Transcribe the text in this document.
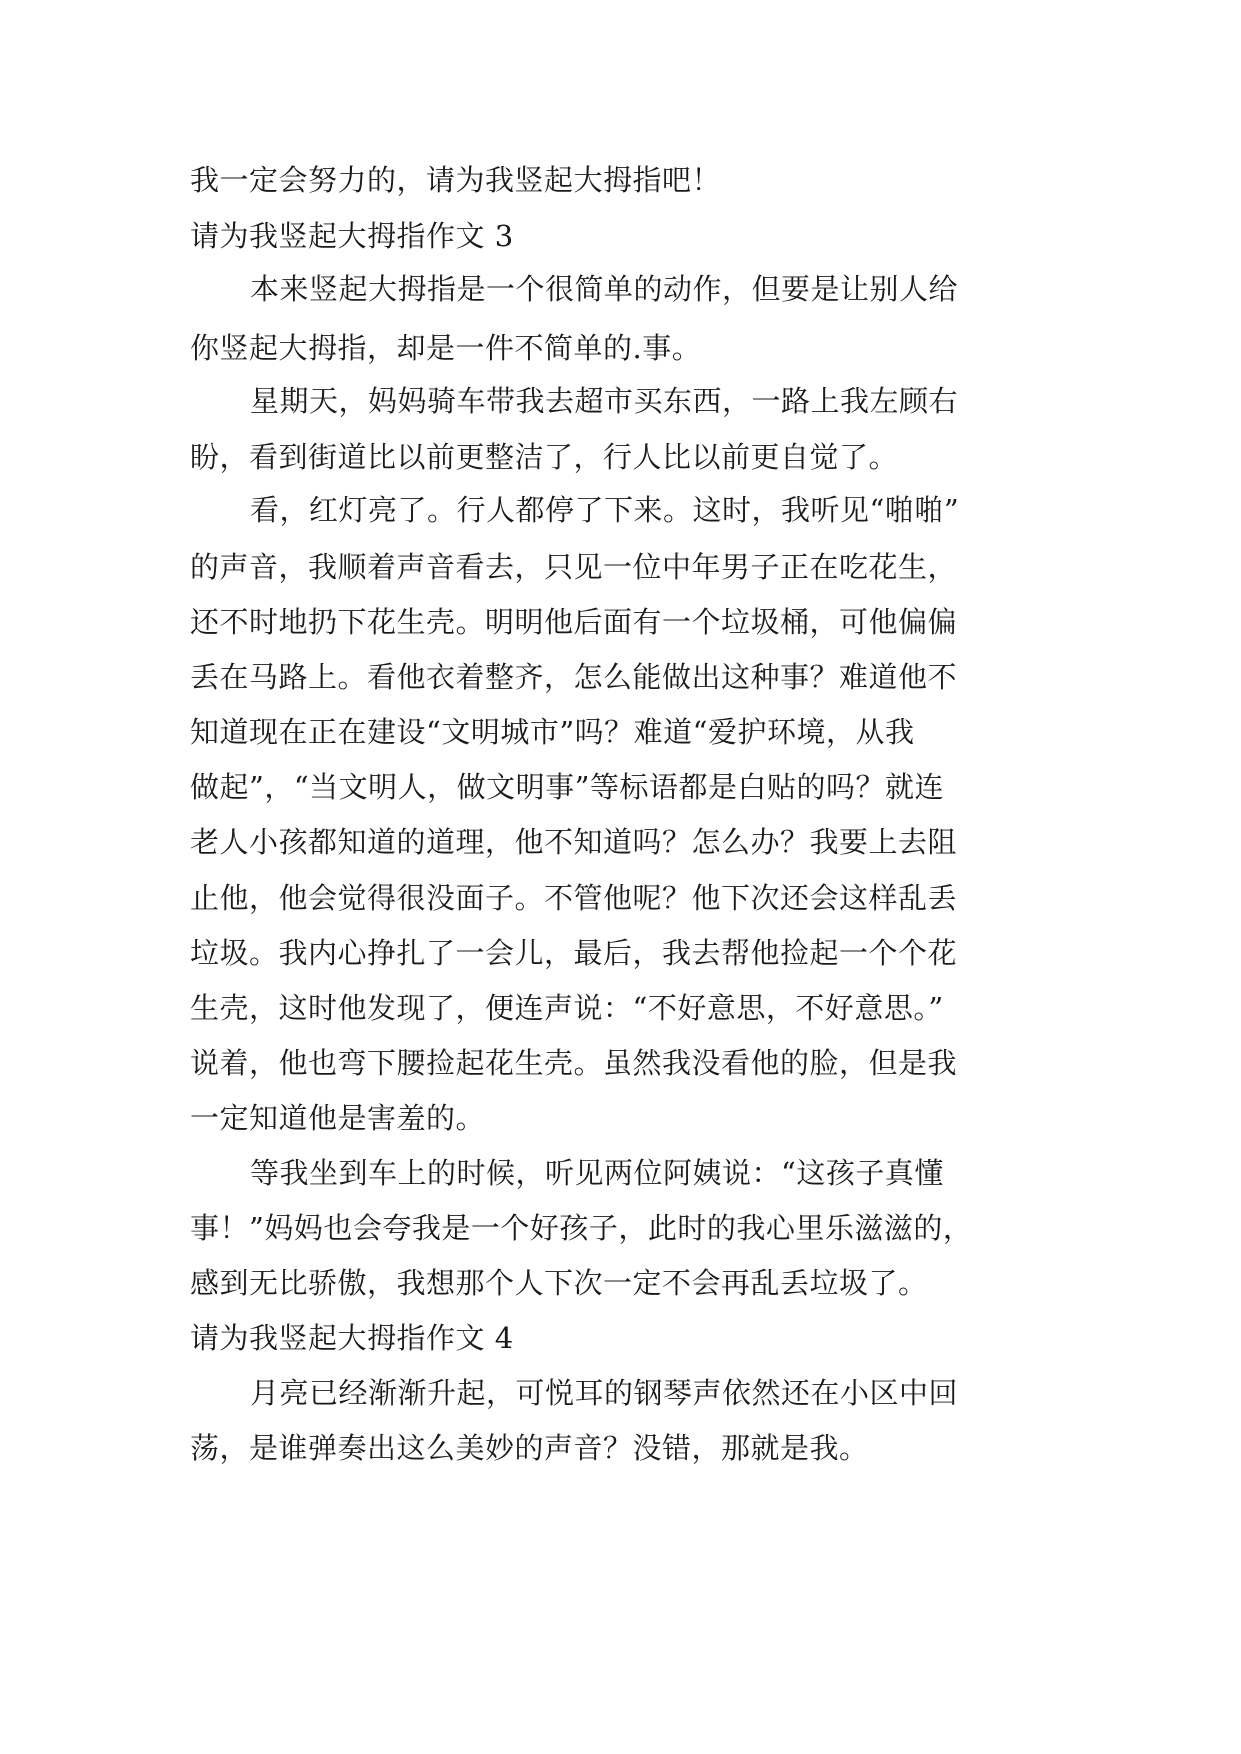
我一定会努力的，请为我竖起大拇指吧！

请为我竖起大拇指作文 3

本来竖起大拇指是一个很简单的动作，但要是让别人给

你竖起大拇指，却是一件不简单的.事。

星期天，妈妈骑车带我去超市买东西，一路上我左顾右

盼，看到街道比以前更整洁了，行人比以前更自觉了。

看，红灯亮了。行人都停了下来。这时，我听见“啪啪”

的声音，我顺着声音看去，只见一位中年男子正在吃花生，

还不时地扔下花生壳。明明他后面有一个垃圾桶，可他偏偏

丢在马路上。看他衣着整齐，怎么能做出这种事？难道他不

知道现在正在建设“文明城市”吗？难道“爱护环境，从我

做起”，“当文明人，做文明事”等标语都是白贴的吗？就连

老人小孩都知道的道理，他不知道吗？怎么办？我要上去阻

止他，他会觉得很没面子。不管他呢？他下次还会这样乱丢

垃圾。我内心挣扎了一会儿，最后，我去帮他捡起一个个花

生壳，这时他发现了，便连声说：“不好意思，不好意思。”

说着，他也弯下腰捡起花生壳。虽然我没看他的脸，但是我

一定知道他是害羞的。

等我坐到车上的时候，听见两位阿姨说：“这孩子真懂

事！”妈妈也会夸我是一个好孩子，此时的我心里乐滋滋的，

感到无比骄傲，我想那个人下次一定不会再乱丢垃圾了。

请为我竖起大拇指作文 4

月亮已经渐渐升起，可悦耳的钢琴声依然还在小区中回

荡，是谁弹奏出这么美妙的声音？没错，那就是我。
